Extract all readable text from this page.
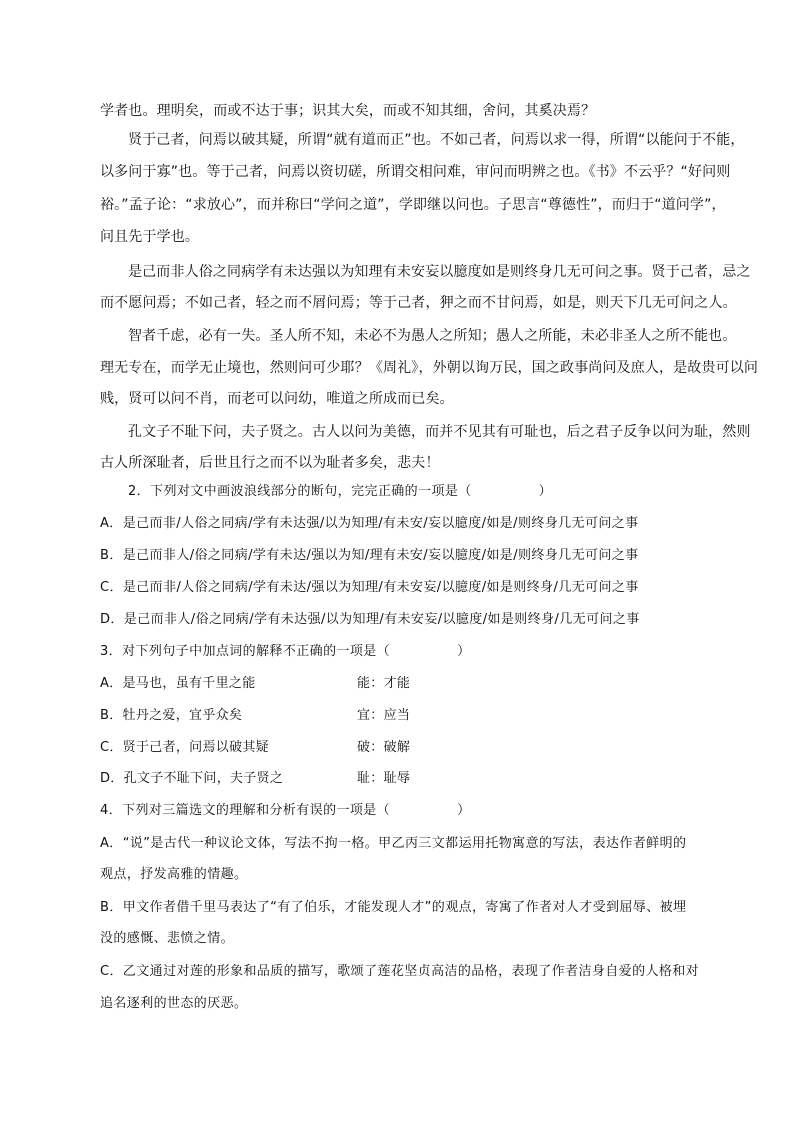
学者也。理明矣，而或不达于事；识其大矣，而或不知其细，舍问，其奚决焉？
贤于己者，问焉以破其疑，所谓“就有道而正”也。不如己者，问焉以求一得，所谓“以能问于不能，
以多问于寡”也。等于己者，问焉以资切磋，所谓交相问难，审问而明辨之也。《书》不云乎？“好问则
裕。”孟子论：“求放心”，而并称曰“学问之道”，学即继以问也。子思言“尊德性”，而归于“道问学”，
问且先于学也。
是己而非人俗之同病学有未达强以为知理有未安妄以臆度如是则终身几无可问之事。贤于己者，忌之
而不愿问焉；不如己者，轻之而不屑问焉；等于己者，狎之而不甘问焉，如是，则天下几无可问之人。
智者千虑，必有一失。圣人所不知，未必不为愚人之所知；愚人之所能，未必非圣人之所不能也。
理无专在，而学无止境也，然则问可少耶？《周礼》，外朝以询万民，国之政事尚问及庶人，是故贵可以问
贱，贤可以问不肖，而老可以问幼，唯道之所成而已矣。
孔文子不耻下问，夫子贤之。古人以问为美德，而并不见其有可耻也，后之君子反争以问为耻，然则
古人所深耻者，后世且行之而不以为耻者多矣，悲夫！
2．下列对文中画波浪线部分的断句，完完正确的一项是（　　　　　）
A．是己而非/人俗之同病/学有未达强/以为知理/有未安/妄以臆度/如是/则终身几无可问之事
B．是己而非人/俗之同病/学有未达/强以为知/理有未安/妄以臆度/如是/则终身几无可问之事
C．是己而非/人俗之同病/学有未达/强以为知理/有未安妄/以臆度/如是则终身/几无可问之事
D．是己而非人/俗之同病/学有未达强/以为知理/有未安妄/以臆度/如是则终身/几无可问之事
3．对下列句子中加点词的解释不正确的一项是（　　　　　）
A．是马也，虽有千里之能	能：才能
B．牡丹之爱，宜乎众矣	宜：应当
C．贤于己者，问焉以破其疑	破：破解
D．孔文子不耻下问，夫子贤之	耻：耻辱
4．下列对三篇选文的理解和分析有误的一项是（　　　　　）
A．“说”是古代一种议论文体，写法不拘一格。甲乙丙三文都运用托物寓意的写法，表达作者鲜明的
观点，抒发高雅的情趣。
B．甲文作者借千里马表达了“有了伯乐，才能发现人才”的观点，寄寓了作者对人才受到屈辱、被埋
没的感慨、悲愤之情。
C．乙文通过对莲的形象和品质的描写，歌颂了莲花坚贞高洁的品格，表现了作者洁身自爱的人格和对
追名逐利的世态的厌恶。
